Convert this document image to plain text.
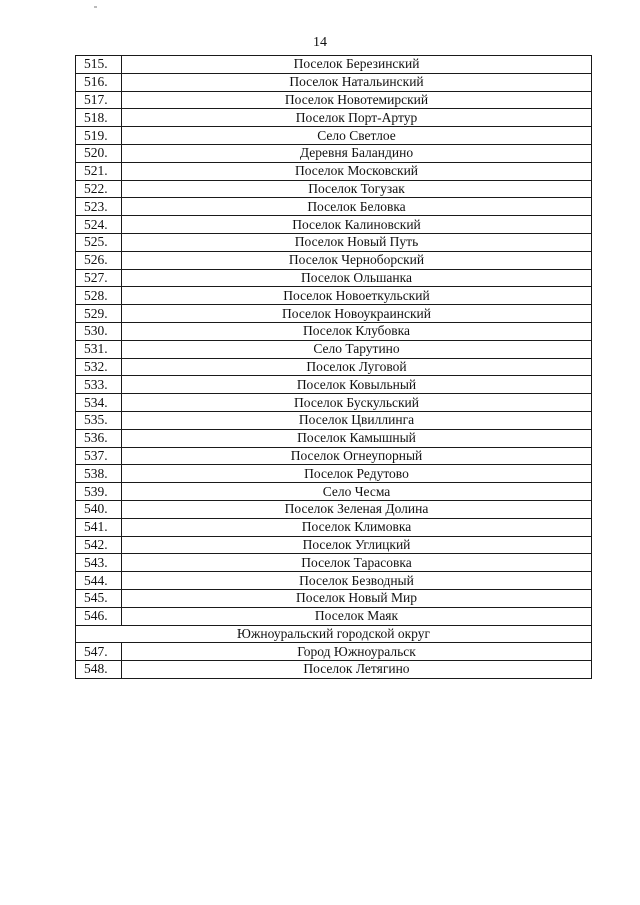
14
515.	Поселок Березинский
516.	Поселок Натальинский
517.	Поселок Новотемирский
518.	Поселок Порт-Артур
519.	Село Светлое
520.	Деревня Баландино
521.	Поселок Московский
522.	Поселок Тогузак
523.	Поселок Беловка
524.	Поселок Калиновский
525.	Поселок Новый Путь
526.	Поселок Черноборский
527.	Поселок Ольшанка
528.	Поселок Новоеткульский
529.	Поселок Новоукраинский
530.	Поселок Клубовка
531.	Село Тарутино
532.	Поселок Луговой
533.	Поселок Ковыльный
534.	Поселок Бускульский
535.	Поселок Цвиллинга
536.	Поселок Камышный
537.	Поселок Огнеупорный
538.	Поселок Редутово
539.	Село Чесма
540.	Поселок Зеленая Долина
541.	Поселок Климовка
542.	Поселок Углицкий
543.	Поселок Тарасовка
544.	Поселок Безводный
545.	Поселок Новый Мир
546.	Поселок Маяк
Южноуральский городской округ	
547.	Город Южноуральск
548.	Поселок Летягино
